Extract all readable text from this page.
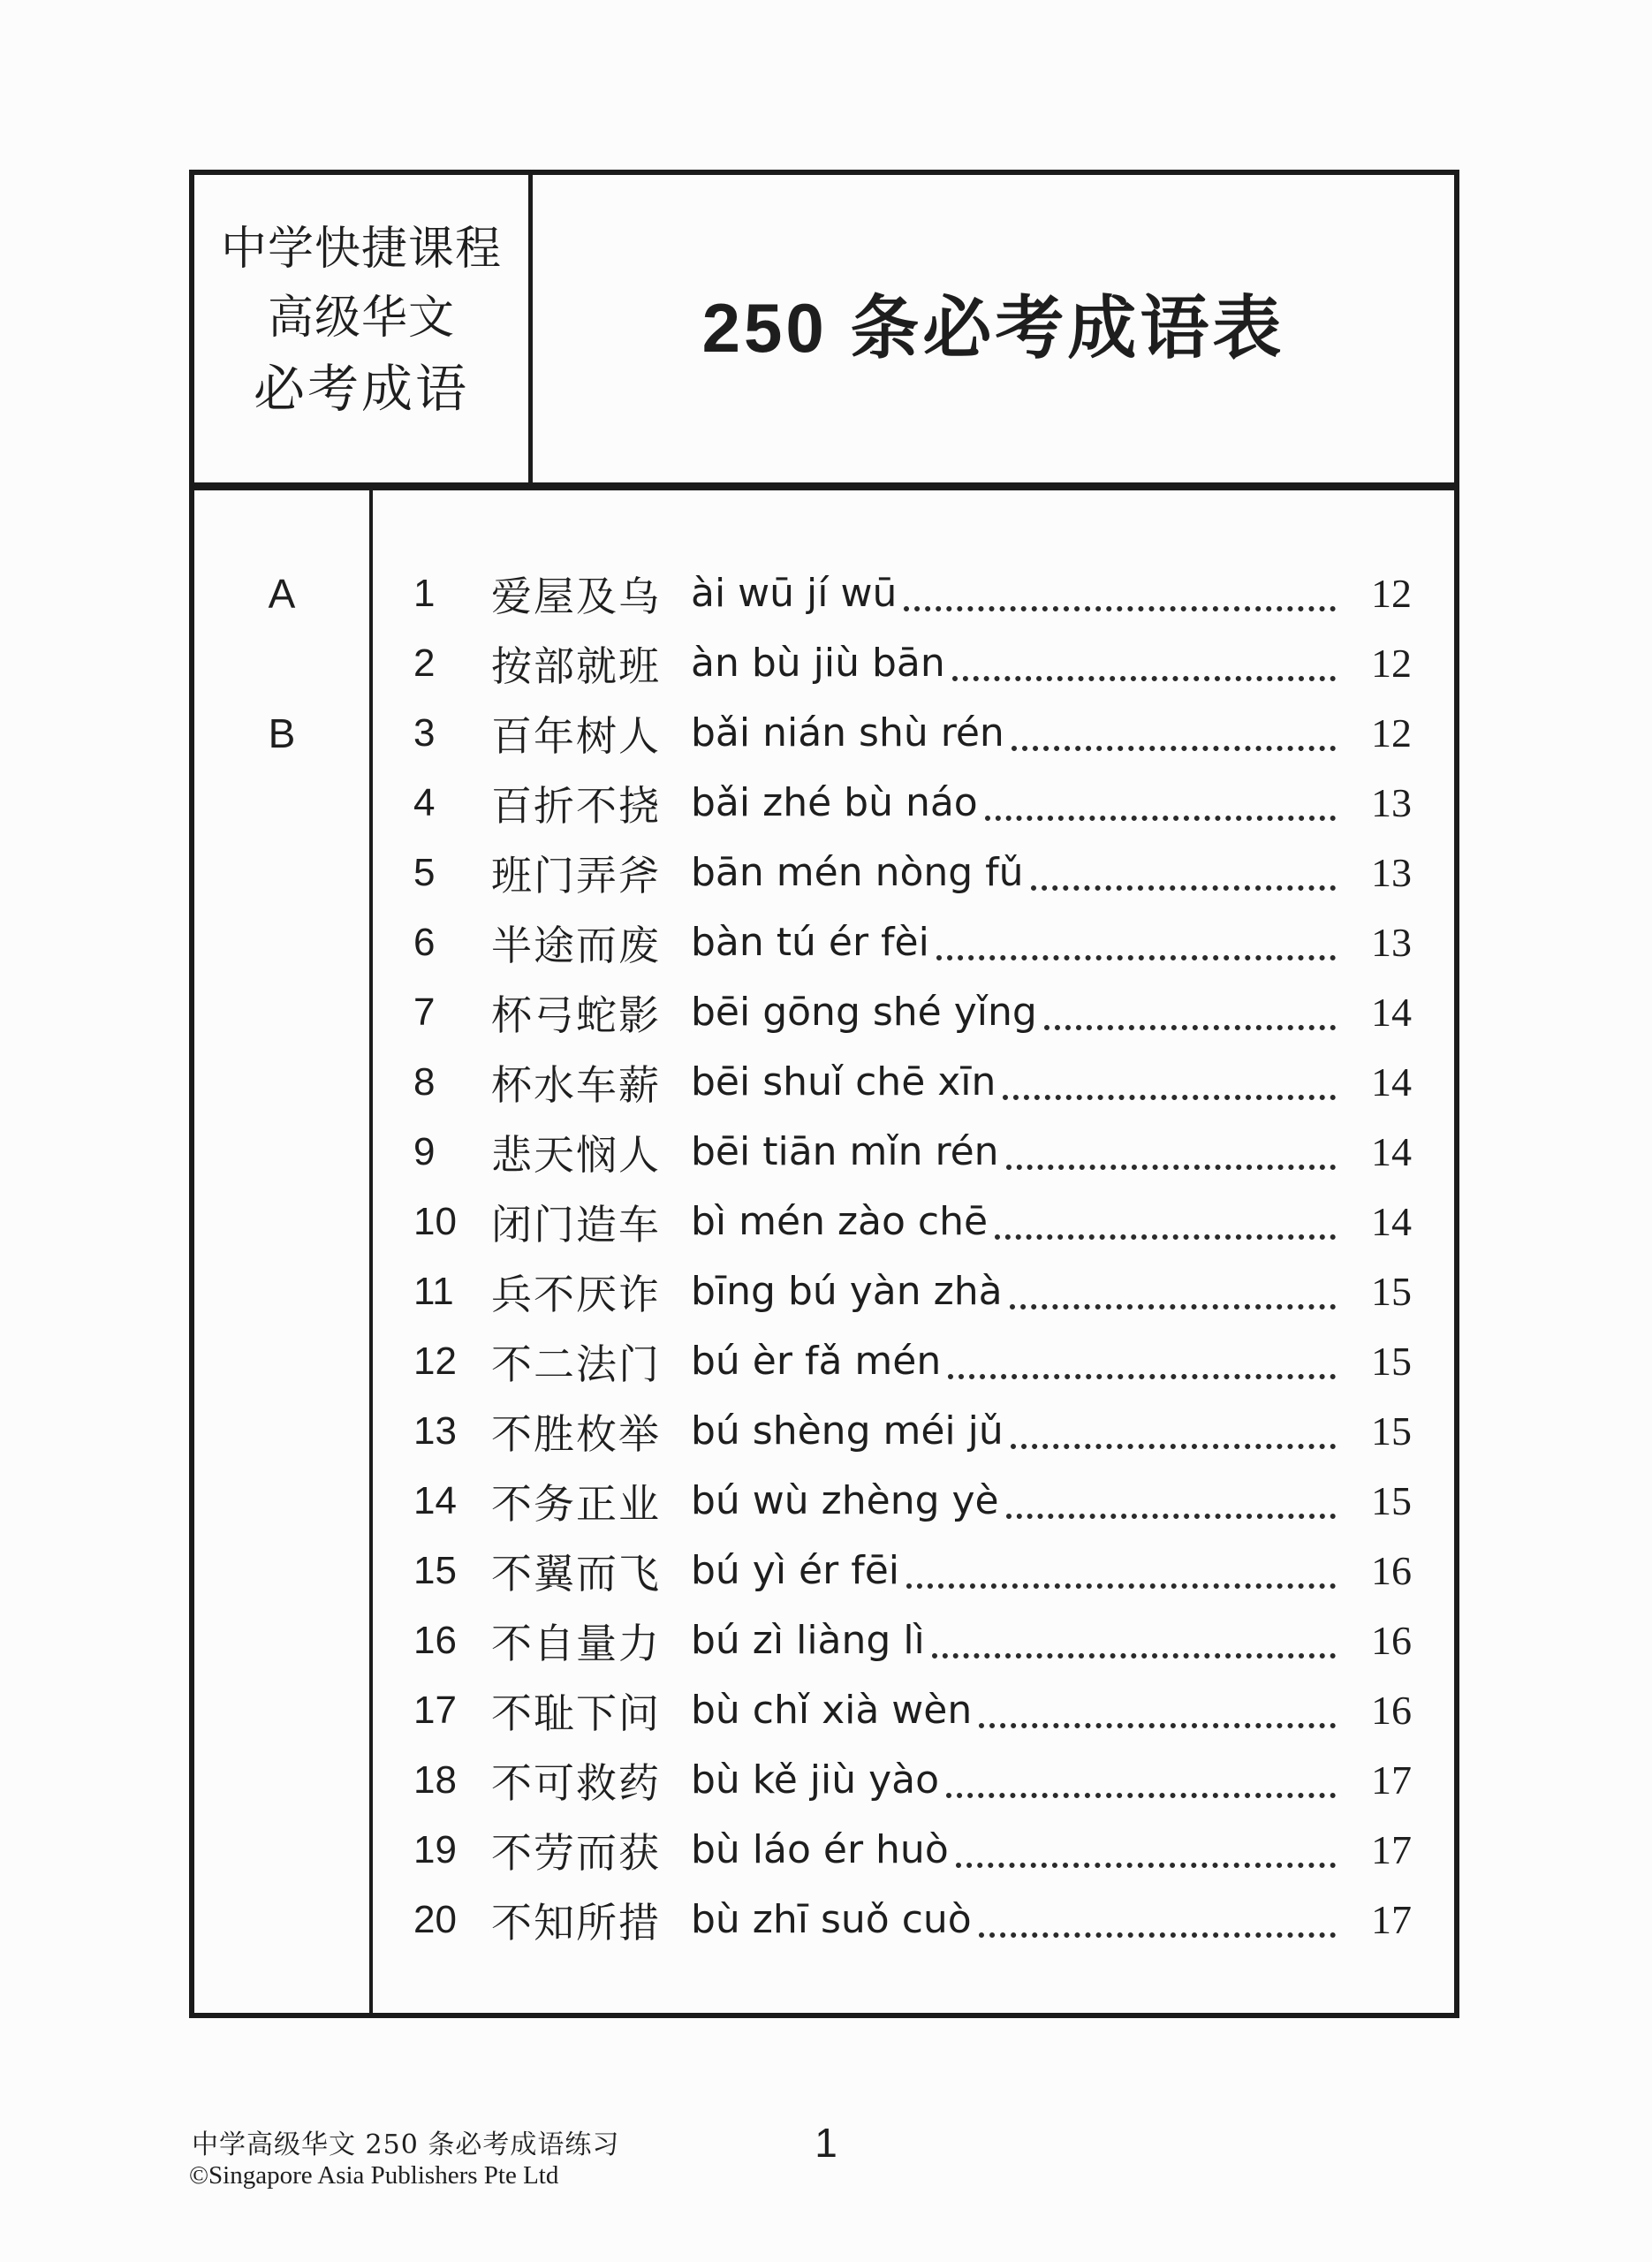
中学快捷课程
高级华文
必考成语
250 条必考成语表
A
B
1	爱屋及乌 ài wū jí wū	12
2	按部就班 àn bù jiù bān	12
3	百年树人 bǎi nián shù rén	12
4	百折不挠 bǎi zhé bù náo	13
5	班门弄斧 bān mén nòng fǔ	13
6	半途而废 bàn tú ér fèi	13
7	杯弓蛇影 bēi gōng shé yǐng	14
8	杯水车薪 bēi shuǐ chē xīn	14
9	悲天悯人 bēi tiān mǐn rén	14
10 闭门造车 bì mén zào chē	14
11 兵不厌诈 bīng bú yàn zhà	15
12 不二法门 bú èr fǎ mén	15
13 不胜枚举 bú shèng méi jǔ	15
14 不务正业 bú wù zhèng yè	15
15 不翼而飞 bú yì ér fēi	16
16 不自量力 bú zì liàng lì	16
17 不耻下问 bù chǐ xià wèn	16
18 不可救药 bù kě jiù yào	17
19 不劳而获 bù láo ér huò	17
20 不知所措 bù zhī suǒ cuò	17
中学高级华文 250 条必考成语练习
©Singapore Asia Publishers Pte Ltd
1
